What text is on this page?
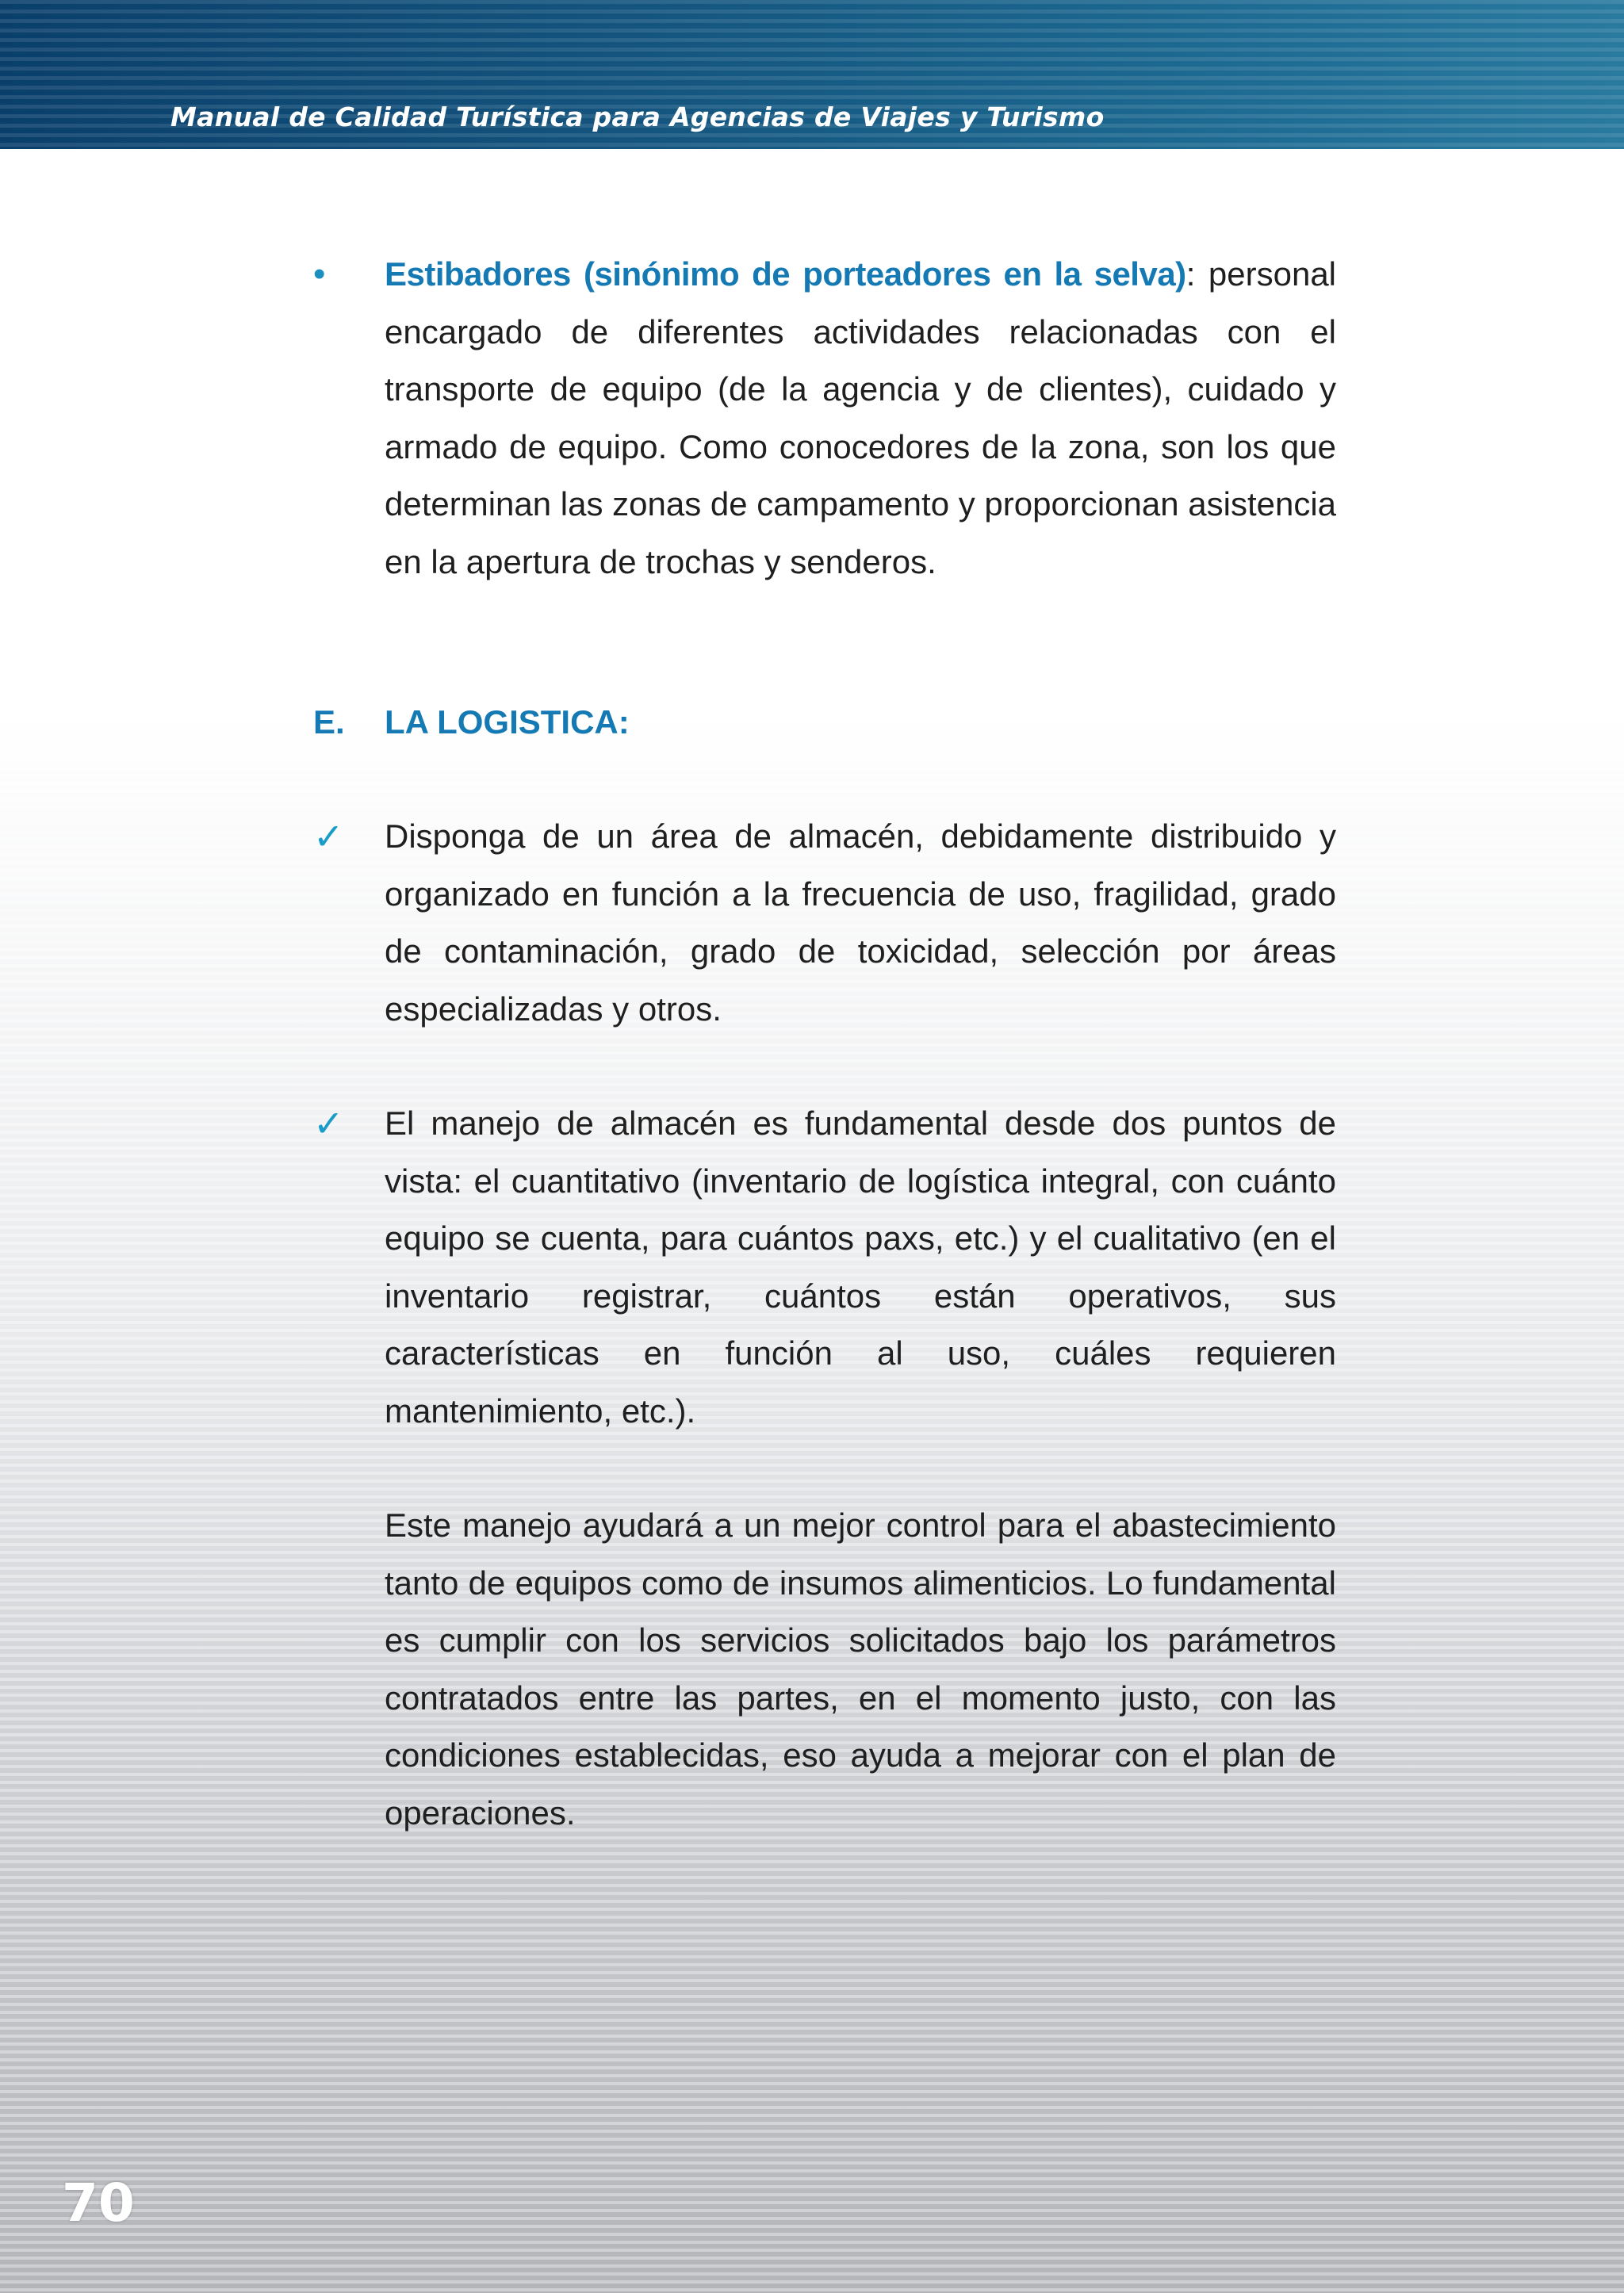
Manual de Calidad Turística para Agencias de Viajes y Turismo
• Estibadores (sinónimo de porteadores en la selva): personal encargado de diferentes actividades relacionadas con el transporte de equipo (de la agencia y de clientes), cuidado y armado de equipo. Como conocedores de la zona, son los que determinan las zonas de campamento y proporcionan asistencia en la apertura de trochas y senderos.

E. LA LOGISTICA:
✓ Disponga de un área de almacén, debidamente distribuido y organizado en función a la frecuencia de uso, fragilidad, grado de contaminación, grado de toxicidad, selección por áreas especializadas y otros.

✓ El manejo de almacén es fundamental desde dos puntos de vista: el cuantitativo (inventario de logística integral, con cuánto equipo se cuenta, para cuántos paxs, etc.) y el cualitativo (en el inventario registrar, cuántos están operativos, sus características en función al uso, cuáles requieren mantenimiento, etc.).

Este manejo ayudará a un mejor control para el abastecimiento tanto de equipos como de insumos alimenticios. Lo fundamental es cumplir con los servicios solicitados bajo los parámetros contratados entre las partes, en el momento justo, con las condiciones establecidas, eso ayuda a mejorar con el plan de operaciones.

70
